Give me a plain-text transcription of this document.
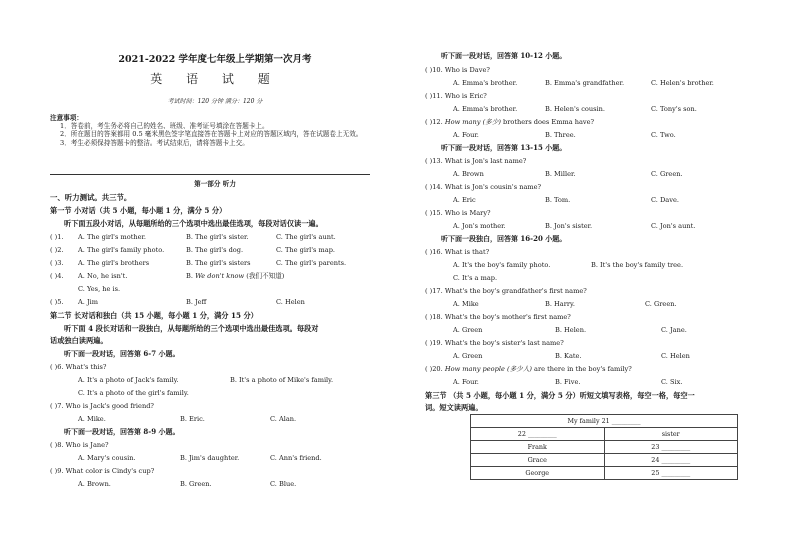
2021-2022 学年度七年级上学期第一次月考
英 语 试 题
考试时间：120 分钟 满分：120 分
注意事项：

1．答卷前，考生务必将自己的姓名、班级、准考证号填涂在答题卡上。

2．所在题目的答案都用 0.5 毫米黑色签字笔直接答在答题卡上对应的答题区域内，答在试题卷上无效。

3．考生必须保持答题卡的整洁。考试结束后，请将答题卡上交。

第一部分 听力
一、听力测试。共三节。
第一节 小对话（共 5 小题，每小题 1 分，满分 5 分）
听下面五段小对话，从每题所给的三个选项中选出最佳选项，每段对话仅读一遍。
( )1. A. The girl's mother.	B. The girl's sister.	C. The girl's aunt.
( )2. A. The girl's family photo.	B. The girl's dog.	C. The girl's map.
( )3. A. The girl's brothers	B. The girl's sisters	C. The girl's parents.
( )4. A. No, he isn't.	B. We don't know (我们不知道)
C. Yes, he is.
( )5. A. Jim	B. Jeff	C. Helen
第二节 长对话和独白（共 15 小题，每小题 1 分，满分 15 分）
听下面 4 段长对话和一段独白，从每题所给的三个选项中选出最佳选项。每段对
话或独白读两遍。
听下面一段对话，回答第 6-7 小题。
( )6. What's this?
A. It's a photo of Jack's family.	B. It's a photo of Mike's family.
C. It's a photo of the girl's family.
( )7. Who is Jack's good friend?
A. Mike.	B. Eric.	C. Alan.
听下面一段对话，回答第 8-9 小题。
( )8. Who is Jane?
A. Mary's cousin.	B. Jim's daughter.	C. Ann's friend.
( )9. What color is Cindy's cup?
A. Brown.	B. Green.	C. Blue.
听下面一段对话，回答第 10-12 小题。
( )10. Who is Dave?
A. Emma's brother.	B. Emma's grandfather.	C. Helen's brother.
( )11. Who is Eric?
A. Emma's brother.	B. Helen's cousin.	C. Tony's son.
( )12. How many (多少) brothers does Emma have?
A. Four.	B. Three.	C. Two.
听下面一段对话，回答第 13-15 小题。
( )13. What is Jon's last name?
A. Brown	B. Miller.	C. Green.
( )14. What is Jon's cousin's name?
A. Eric	B. Tom.	C. Dave.
( )15. Who is Mary?
A. Jon's mother.	B. Jon's sister.	C. Jon's aunt.
听下面一段独白，回答第 16-20 小题。
( )16. What is that?
A. It's the boy's family photo.	B. It's the boy's family tree.
C. It's a map.
( )17. What's the boy's grandfather's first name?
A. Mike	B. Harry.	C. Green.
( )18. What's the boy's mother's first name?
A. Green	B. Helen.	C. Jane.
( )19. What's the boy's sister's last name?
A. Green	B. Kate.	C. Helen
( )20. How many people (多少人) are there in the boy's family?
A. Four.	B. Five.	C. Six.
第三节 （共 5 小题，每小题 1 分，满分 5 分）听短文填写表格，每空一格，每空一
词。短文读两遍。
My family 21 _________	
22 _________	sister
Frank	23 _________
Grace	24 _________
George	25 _________
